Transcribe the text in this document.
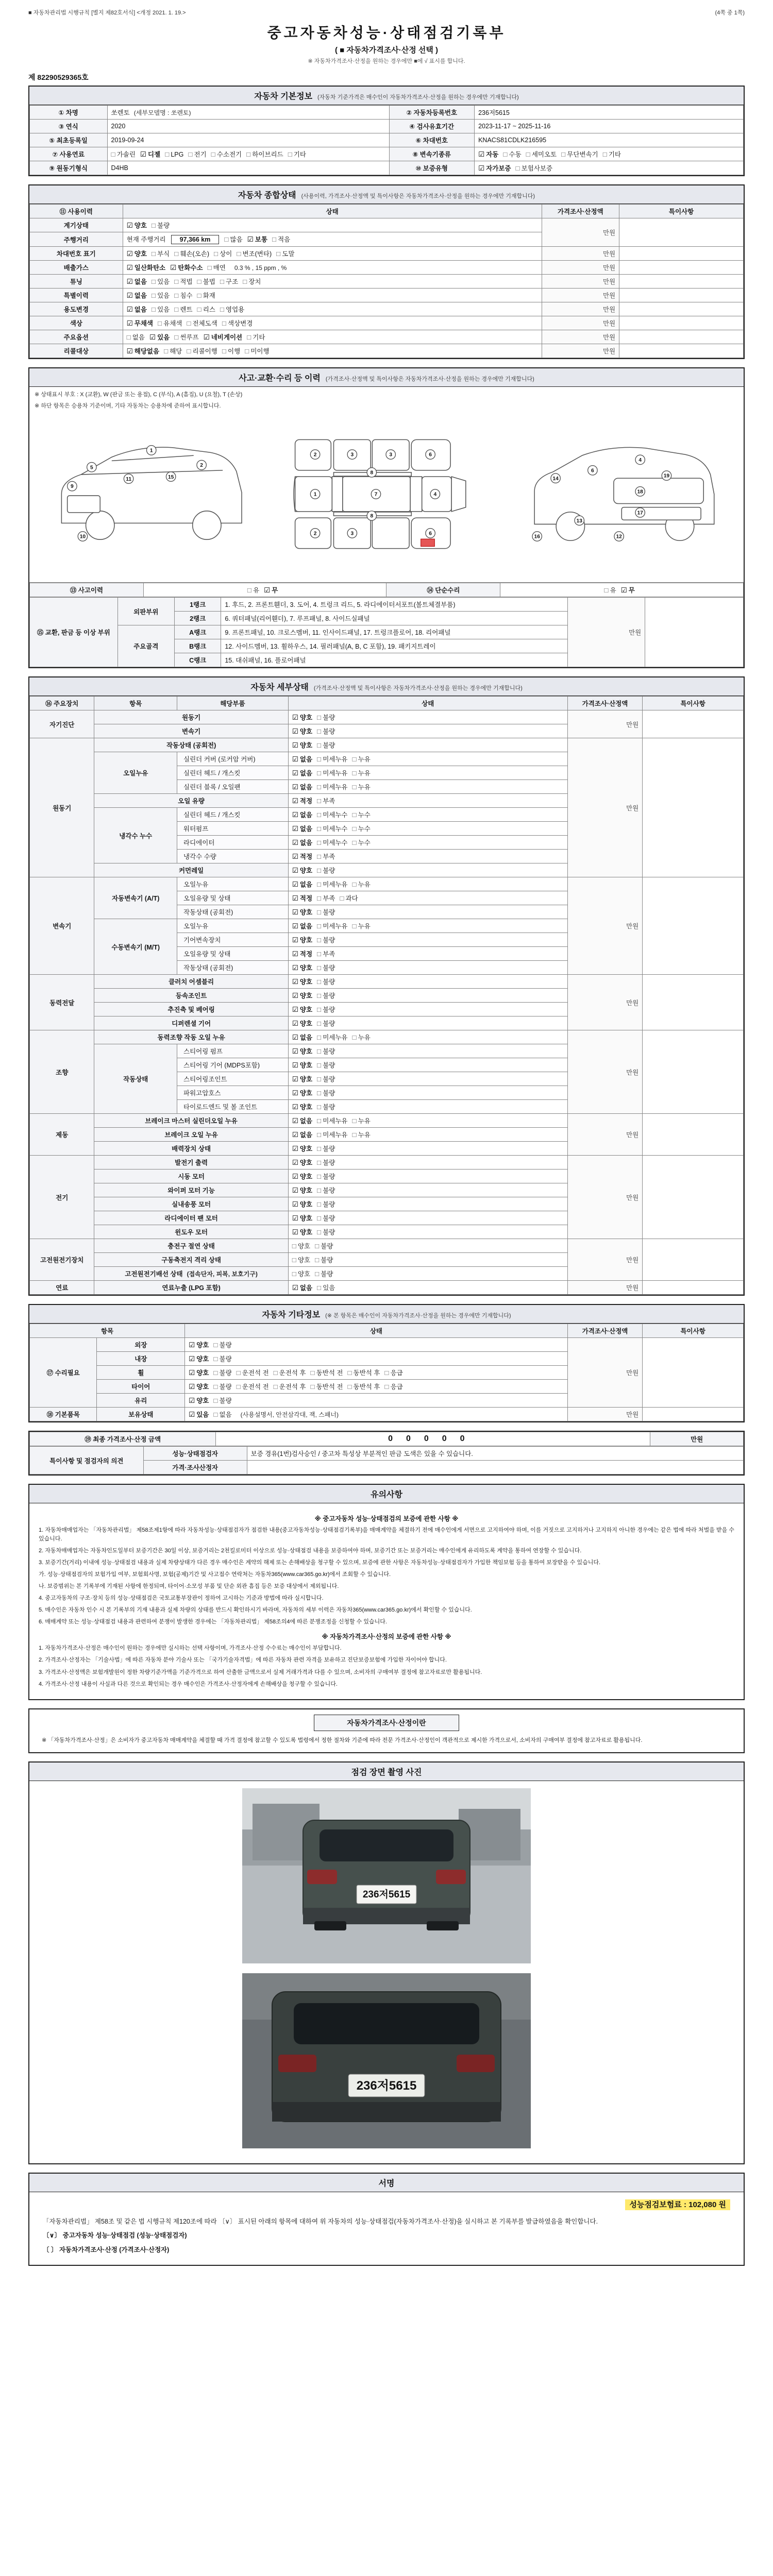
■ 자동차관리법 시행규칙 [별지 제82호서식] <개정 2021. 1. 19.>	(4쪽 중 1쪽)
중고자동차성능·상태점검기록부
( ■ 자동차가격조사·산정 선택 )
※ 자동차가격조사·산정을 원하는 경우에만 ■에 √ 표시를 합니다.
제 82290529365호
자동차 기본정보 (자동차 기준가격은 매수인이 자동차가격조사·산정을 원하는 경우에만 기재합니다)
① 차명	쏘렌토 (세부모델명 : 쏘렌토)	② 자동차등록번호	236저5615
③ 연식	2020	④ 검사유효기간	2023-11-17 ~ 2025-11-16
⑤ 최초등록일	2019-09-24	⑥ 차대번호	KNACS81CDLK216595
⑦ 사용연료	□ 가솔린 ☑ 디젤 □ LPG □ 전기 □ 수소전기 □ 하이브리드 □ 기타	⑧ 변속기종류	☑ 자동 □ 수동 □ 세미오토 □ 무단변속기 □ 기타
⑨ 원동기형식	D4HB	⑩ 보증유형	☑ 자가보증 □ 보험사보증
자동차 종합상태 (사용이력, 가격조사·산정액 및 특이사항은 자동차가격조사·산정을 원하는 경우에만 기재합니다)
⑪ 사용이력	상태	가격조사·산정액	특이사항
계기상태	☑ 양호 □ 불량	만원	
주행거리	현재 주행거리 97,366 km □ 많음 ☑ 보통 □ 적음		
차대번호 표기	☑ 양호 □ 부식 □ 훼손(오손) □ 상이 □ 변조(변타) □ 도말	만원	
배출가스	☑ 일산화탄소 ☑ 탄화수소 □ 매연 0.3 % , 15 ppm , %	만원	
튜닝	☑ 없음 □ 있음 □ 적법 □ 불법 □ 구조 □ 장치	만원	
특별이력	☑ 없음 □ 있음 □ 침수 □ 화재	만원	
용도변경	☑ 없음 □ 있음 □ 렌트 □ 리스 □ 영업용	만원	
색상	☑ 무채색 □ 유채색 □ 전체도색 □ 색상변경	만원	
주요옵션	□ 없음 ☑ 있음 □ 썬루프 ☑ 네비게이션 □ 기타	만원	
리콜대상	☑ 해당없음 □ 해당 □ 리콜이행 □ 이행 □ 미이행	만원	
사고·교환·수리 등 이력 (가격조사·산정액 및 특이사항은 자동차가격조사·산정을 원하는 경우에만 기재합니다)
※ 상태표시 부호 : X (교환), W (판금 또는 용접), C (부식), A (흠집), U (요철), T (손상)
※ 하단 항목은 승용차 기준이며, 기타 자동차는 승용차에 준하여 표시합니다.
9
5
1
2
10
11	15
2	3	3	6
8
1	7	4
8
2	3	6
14	19
4
6
18
17
13
12
16
⑬ 사고이력	□ 유 ☑ 무	⑭ 단순수리	□ 유 ☑ 무
⑮ 교환, 판금 등 이상 부위	외판부위	1랭크	1. 후드, 2. 프론트휀더, 3. 도어, 4. 트렁크 리드, 5. 라디에이터서포트(볼트체결부품)	만원	
		2랭크	6. 쿼터패널(리어휀더), 7. 루프패널, 8. 사이드실패널		
	주요골격	A랭크	9. 프론트패널, 10. 크로스멤버, 11. 인사이드패널, 17. 트렁크플로어, 18. 리어패널		
		B랭크	12. 사이드멤버, 13. 휠하우스, 14. 필러패널(A, B, C 포함), 19. 패키지트레이		
		C랭크	15. 대쉬패널, 16. 플로어패널		
자동차 세부상태 (가격조사·산정액 및 특이사항은 자동차가격조사·산정을 원하는 경우에만 기재합니다)
⑯ 주요장치	항목	해당부품	상태	가격조사·산정액	특이사항
자기진단	원동기		☑ 양호 □ 불량	만원	
	변속기		☑ 양호 □ 불량		
원동기	작동상태 (공회전)		☑ 양호 □ 불량	만원	
	오일누유	실린더 커버 (로커암 커버)	☑ 없음 □ 미세누유 □ 누유		
		실린더 헤드 / 개스킷	☑ 없음 □ 미세누유 □ 누유		
		실린더 블록 / 오일팬	☑ 없음 □ 미세누유 □ 누유		
	오일 유량		☑ 적정 □ 부족		
	냉각수 누수	실린더 헤드 / 개스킷	☑ 없음 □ 미세누수 □ 누수		
		워터펌프	☑ 없음 □ 미세누수 □ 누수		
		라디에이터	☑ 없음 □ 미세누수 □ 누수		
		냉각수 수량	☑ 적정 □ 부족		
	커먼레일		☑ 양호 □ 불량		
변속기	자동변속기 (A/T)	오일누유	☑ 없음 □ 미세누유 □ 누유	만원	
		오일유량 및 상태	☑ 적정 □ 부족 □ 과다		
		작동상태 (공회전)	☑ 양호 □ 불량		
	수동변속기 (M/T)	오일누유	☑ 없음 □ 미세누유 □ 누유		
		기어변속장치	☑ 양호 □ 불량		
		오일유량 및 상태	☑ 적정 □ 부족		
		작동상태 (공회전)	☑ 양호 □ 불량		
동력전달	클러치 어셈블리		☑ 양호 □ 불량	만원	
	등속조인트		☑ 양호 □ 불량		
	추진축 및 베어링		☑ 양호 □ 불량		
	디퍼렌셜 기어		☑ 양호 □ 불량		
조향	동력조향 작동 오일 누유		☑ 없음 □ 미세누유 □ 누유	만원	
	작동상태	스티어링 펌프	☑ 양호 □ 불량		
		스티어링 기어 (MDPS포함)	☑ 양호 □ 불량		
		스티어링조인트	☑ 양호 □ 불량		
		파워고압호스	☑ 양호 □ 불량		
		타이로드엔드 및 볼 조인트	☑ 양호 □ 불량		
제동	브레이크 마스터 실린더오일 누유		☑ 없음 □ 미세누유 □ 누유	만원	
	브레이크 오일 누유		☑ 없음 □ 미세누유 □ 누유		
	배력장치 상태		☑ 양호 □ 불량		
전기	발전기 출력		☑ 양호 □ 불량	만원	
	시동 모터		☑ 양호 □ 불량		
	와이퍼 모터 기능		☑ 양호 □ 불량		
	실내송풍 모터		☑ 양호 □ 불량		
	라디에이터 팬 모터		☑ 양호 □ 불량		
	윈도우 모터		☑ 양호 □ 불량		
고전원전기장치	충전구 절연 상태		□ 양호 □ 불량	만원	
	구동축전지 격리 상태		□ 양호 □ 불량		
	고전원전기배선 상태 (접속단자, 피복, 보호기구)		□ 양호 □ 불량		
연료	연료누출 (LPG 포함)		☑ 없음 □ 있음	만원	
자동차 기타정보 (※ 본 항목은 매수인이 자동차가격조사·산정을 원하는 경우에만 기재합니다)
항목		상태	가격조사·산정액	특이사항
⑰ 수리필요	외장	☑ 양호 □ 불량	만원	
	내장	☑ 양호 □ 불량		
	휠	☑ 양호 □ 불량 □ 운전석 전 □ 운전석 후 □ 동반석 전 □ 동반석 후 □ 응급		
	타이어	☑ 양호 □ 불량 □ 운전석 전 □ 운전석 후 □ 동반석 전 □ 동반석 후 □ 응급		
	유리	☑ 양호 □ 불량		
⑱ 기본품목	보유상태	☑ 있음 □ 없음 (사용설명서, 안전삼각대, 잭, 스패너)	만원	
⑲ 최종 가격조사·산정 금액	00000	만원
특이사항 및 점검자의 의견	성능·상태점검자	보증 경유(1번)검사승인 / 중고차 특성상 부분적인 판금 도색은 있을 수 있습니다.
	가격·조사산정자	
유의사항
※ 중고자동차 성능·상태점검의 보증에 관한 사항 ※
1. 자동차매매업자는 「자동차관리법」 제58조제1항에 따라 자동차성능·상태점검자가 점검한 내용(중고자동차성능·상태점검기록부)을 매매계약을 체결하기 전에 매수인에게 서면으로 고지하여야 하며, 이를 거짓으로 고지하거나 고지하지 아니한 경우에는 같은 법에 따라 처벌을 받을 수 있습니다.
2. 자동차매매업자는 자동차인도일부터 보증기간은 30일 이상, 보증거리는 2천킬로미터 이상으로 성능·상태점검 내용을 보증하여야 하며, 보증기간 또는 보증거리는 매수인에게 유리하도록 계약을 통하여 연장할 수 있습니다.
3. 보증기간(거리) 이내에 성능·상태점검 내용과 실제 차량상태가 다른 경우 매수인은 계약의 해제 또는 손해배상을 청구할 수 있으며, 보증에 관한 사항은 자동차성능·상태점검자가 가입한 책임보험 등을 통하여 보장받을 수 있습니다.
가. 성능·상태점검자의 보험가입 여부, 보험회사명, 보험(공제)기간 및 사고접수 연락처는 자동차365(www.car365.go.kr)에서 조회할 수 있습니다.
나. 보증범위는 본 기록부에 기재된 사항에 한정되며, 타이어·소모성 부품 및 단순 외관 흠집 등은 보증 대상에서 제외됩니다.
4. 중고자동차의 구조·장치 등의 성능·상태점검은 국토교통부장관이 정하여 고시하는 기준과 방법에 따라 실시합니다.
5. 매수인은 자동차 인수 시 본 기록부의 기재 내용과 실제 차량의 상태를 반드시 확인하시기 바라며, 자동차의 세부 이력은 자동차365(www.car365.go.kr)에서 확인할 수 있습니다.
6. 매매계약 또는 성능·상태점검 내용과 관련하여 분쟁이 발생한 경우에는 「자동차관리법」 제58조의4에 따른 분쟁조정을 신청할 수 있습니다.
※ 자동차가격조사·산정의 보증에 관한 사항 ※
1. 자동차가격조사·산정은 매수인이 원하는 경우에만 실시하는 선택 사항이며, 가격조사·산정 수수료는 매수인이 부담합니다.
2. 가격조사·산정자는 「기술사법」에 따른 자동차 분야 기술사 또는 「국가기술자격법」에 따른 자동차 관련 자격을 보유하고 진단보증보험에 가입한 자이어야 합니다.
3. 가격조사·산정액은 보험개발원이 정한 차량기준가액을 기준가격으로 하여 산출한 금액으로서 실제 거래가격과 다를 수 있으며, 소비자의 구매여부 결정에 참고자료로만 활용됩니다.
4. 가격조사·산정 내용이 사실과 다른 것으로 확인되는 경우 매수인은 가격조사·산정자에게 손해배상을 청구할 수 있습니다.
자동차가격조사·산정이란
※ 「자동차가격조사·산정」은 소비자가 중고자동차 매매계약을 체결할 때 가격 결정에 참고할 수 있도록 법령에서 정한 절차와 기준에 따라 전문 가격조사·산정인이 객관적으로 제시한 가격으로서, 소비자의 구매여부 결정에 참고자료로 활용됩니다.
점검 장면 촬영 사진
236저5615
236저5615
서명
성능점검보험료 : 102,080 원
「자동차관리법」 제58조 및 같은 법 시행규칙 제120조에 따라 〔∨〕 표시된 아래의 항목에 대하여 위 자동차의 성능·상태점검(자동차가격조사·산정)을 실시하고 본 기록부를 발급하였음을 확인합니다.
〔∨〕 중고자동차 성능·상태점검 (성능·상태점검자)
〔 〕 자동차가격조사·산정 (가격조사·산정자)
